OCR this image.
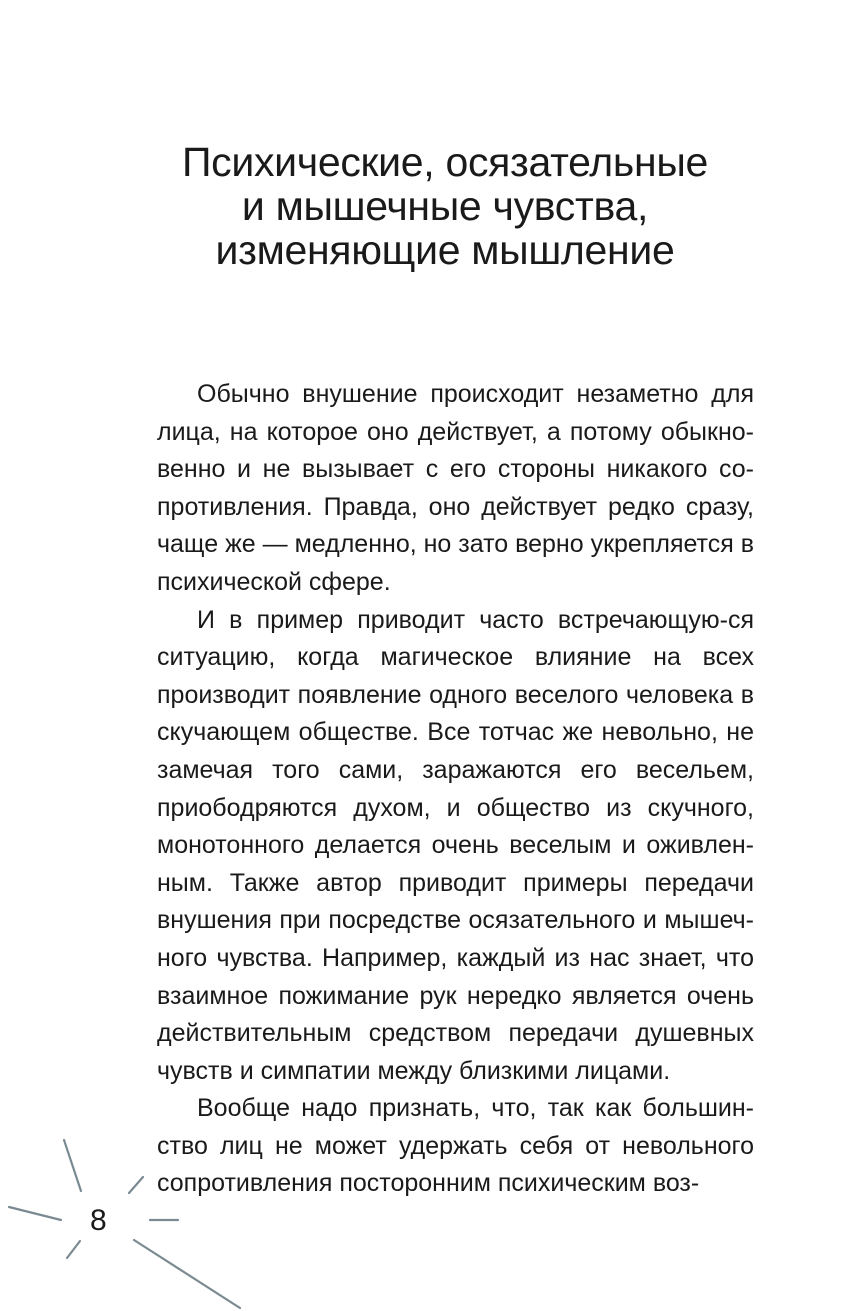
Психические, осязательные
и мышечные чувства,
изменяющие мышление

Обычно внушение происходит незаметно для лица, на которое оно действует, а потому обыкно-венно и не вызывает с его стороны никакого со-противления. Правда, оно действует редко сразу, чаще же — медленно, но зато верно укрепляется в психической сфере.

И в пример приводит часто встречающую-ся ситуацию, когда магическое влияние на всех производит появление одного веселого человека в скучающем обществе. Все тотчас же невольно, не замечая того сами, заражаются его весельем, приободряются духом, и общество из скучного, монотонного делается очень веселым и оживлен-ным. Также автор приводит примеры передачи внушения при посредстве осязательного и мышеч-ного чувства. Например, каждый из нас знает, что взаимное пожимание рук нередко является очень действительным средством передачи душевных чувств и симпатии между близкими лицами.

Вообще надо признать, что, так как большин-ство лиц не может удержать себя от невольного сопротивления посторонним психическим воз-

8
